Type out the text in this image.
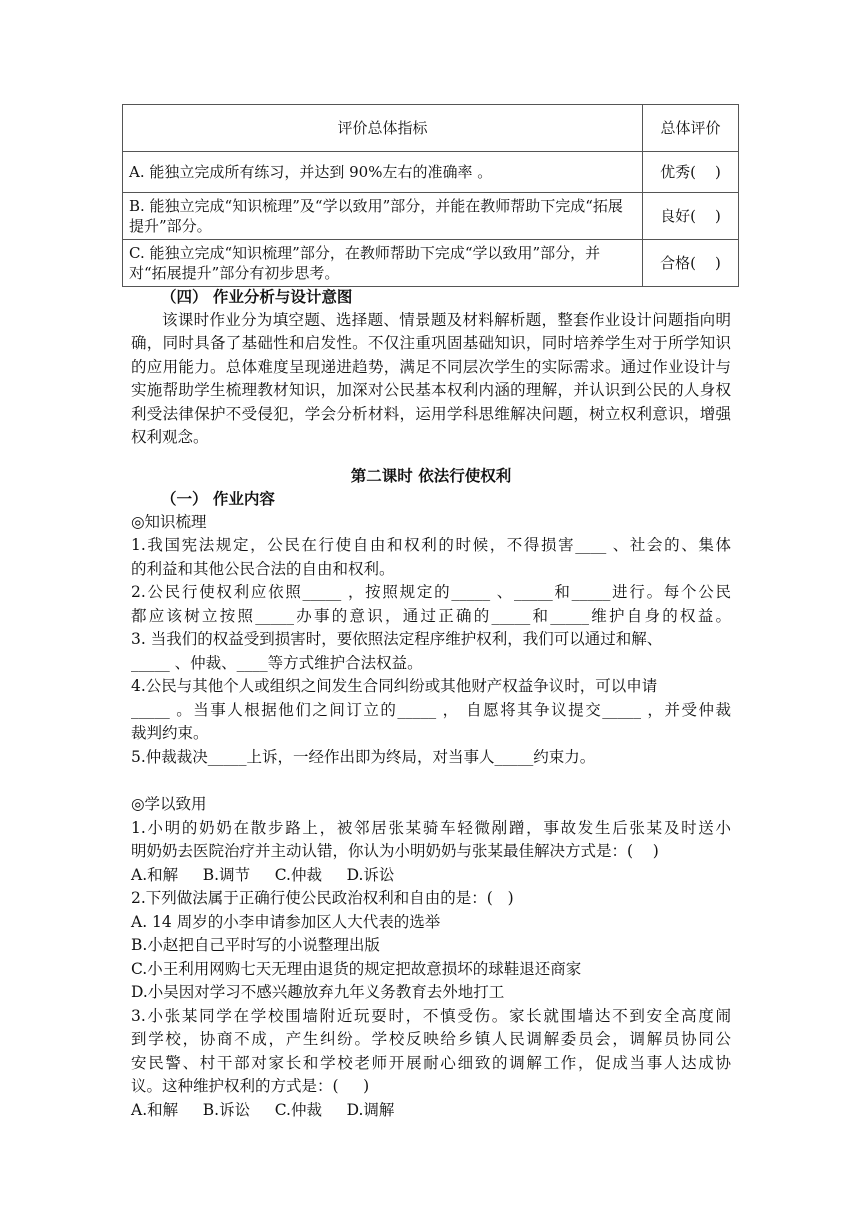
评价总体指标	总体评价
A. 能独立完成所有练习，并达到 90%左右的准确率 。	优秀(    )
B. 能独立完成“知识梳理”及“学以致用”部分，并能在教师帮助下完成“拓展提升”部分。	良好(    )
C. 能独立完成“知识梳理”部分，在教师帮助下完成“学以致用”部分，并对“拓展提升”部分有初步思考。	合格(    )
（四） 作业分析与设计意图
该课时作业分为填空题、选择题、情景题及材料解析题，整套作业设计问题指向明确，同时具备了基础性和启发性。不仅注重巩固基础知识，同时培养学生对于所学知识的应用能力。总体难度呈现递进趋势，满足不同层次学生的实际需求。通过作业设计与实施帮助学生梳理教材知识，加深对公民基本权利内涵的理解，并认识到公民的人身权利受法律保护不受侵犯，学会分析材料，运用学科思维解决问题，树立权利意识，增强权利观念。
第二课时 依法行使权利
（一） 作业内容
◎知识梳理
1.我国宪法规定，公民在行使自由和权利的时候，不得损害____ 、社会的、集体
的利益和其他公民合法的自由和权利。
2.公民行使权利应依照_____ ，按照规定的_____ 、_____和_____进行。每个公民
都应该树立按照_____办事的意识，通过正确的_____和_____维护自身的权益。
3. 当我们的权益受到损害时，要依照法定程序维护权利，我们可以通过和解、
_____ 、仲裁、____等方式维护合法权益。
4.公民与其他个人或组织之间发生合同纠纷或其他财产权益争议时，可以申请
_____ 。当事人根据他们之间订立的_____ ， 自愿将其争议提交_____ ，并受仲裁
裁判约束。
5.仲裁裁决_____上诉，一经作出即为终局，对当事人_____约束力。
◎学以致用
1.小明的奶奶在散步路上，被邻居张某骑车轻微剐蹭，事故发生后张某及时送小
明奶奶去医院治疗并主动认错，你认为小明奶奶与张某最佳解决方式是：(    )
A.和解     B.调节     C.仲裁     D.诉讼
2.下列做法属于正确行使公民政治权利和自由的是：(   )
A. 14 周岁的小李申请参加区人大代表的选举
B.小赵把自己平时写的小说整理出版
C.小王利用网购七天无理由退货的规定把故意损坏的球鞋退还商家
D.小吴因对学习不感兴趣放弃九年义务教育去外地打工
3.小张某同学在学校围墙附近玩耍时，不慎受伤。家长就围墙达不到安全高度闹
到学校，协商不成，产生纠纷。学校反映给乡镇人民调解委员会，调解员协同公
安民警、村干部对家长和学校老师开展耐心细致的调解工作，促成当事人达成协
议。这种维护权利的方式是：(     )
A.和解     B.诉讼     C.仲裁     D.调解
